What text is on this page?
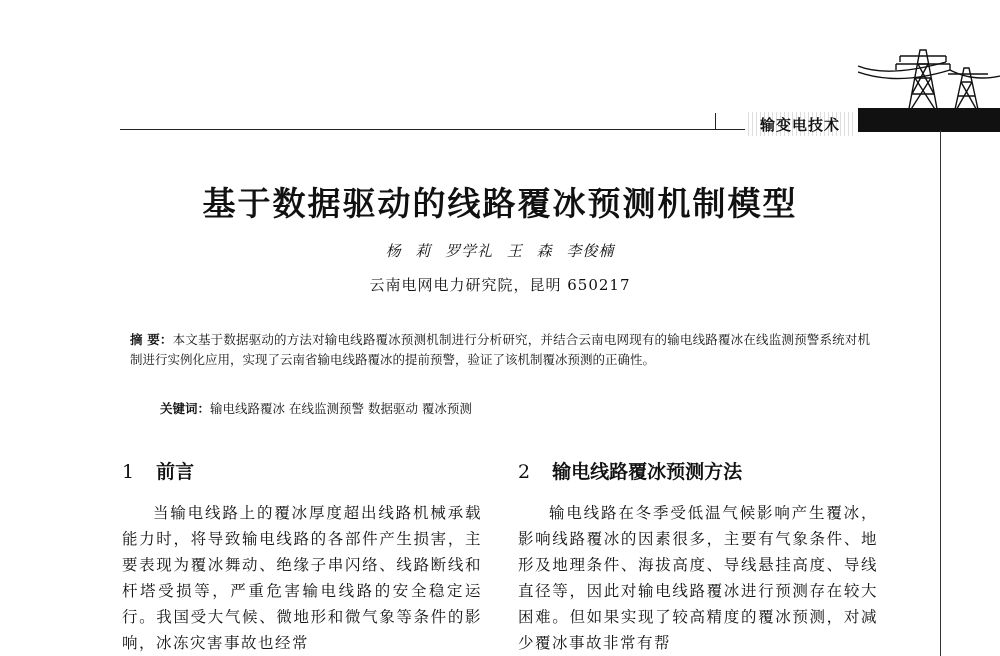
输变电技术
基于数据驱动的线路覆冰预测机制模型
杨 莉 罗学礼 王 森 李俊楠
云南电网电力研究院，昆明 650217
摘 要：本文基于数据驱动的方法对输电线路覆冰预测机制进行分析研究，并结合云南电网现有的输电线路覆冰在线监测预警系统对机制进行实例化应用，实现了云南省输电线路覆冰的提前预警，验证了该机制覆冰预测的正确性。
关键词：输电线路覆冰 在线监测预警 数据驱动 覆冰预测
1 前言
当输电线路上的覆冰厚度超出线路机械承载能力时，将导致输电线路的各部件产生损害，主要表现为覆冰舞动、绝缘子串闪络、线路断线和杆塔受损等，严重危害输电线路的安全稳定运行。我国受大气候、微地形和微气象等条件的影响，冰冻灾害事故也经常
2 输电线路覆冰预测方法
输电线路在冬季受低温气候影响产生覆冰，影响线路覆冰的因素很多，主要有气象条件、地形及地理条件、海拔高度、导线悬挂高度、导线直径等，因此对输电线路覆冰进行预测存在较大困难。但如果实现了较高精度的覆冰预测，对减少覆冰事故非常有帮
